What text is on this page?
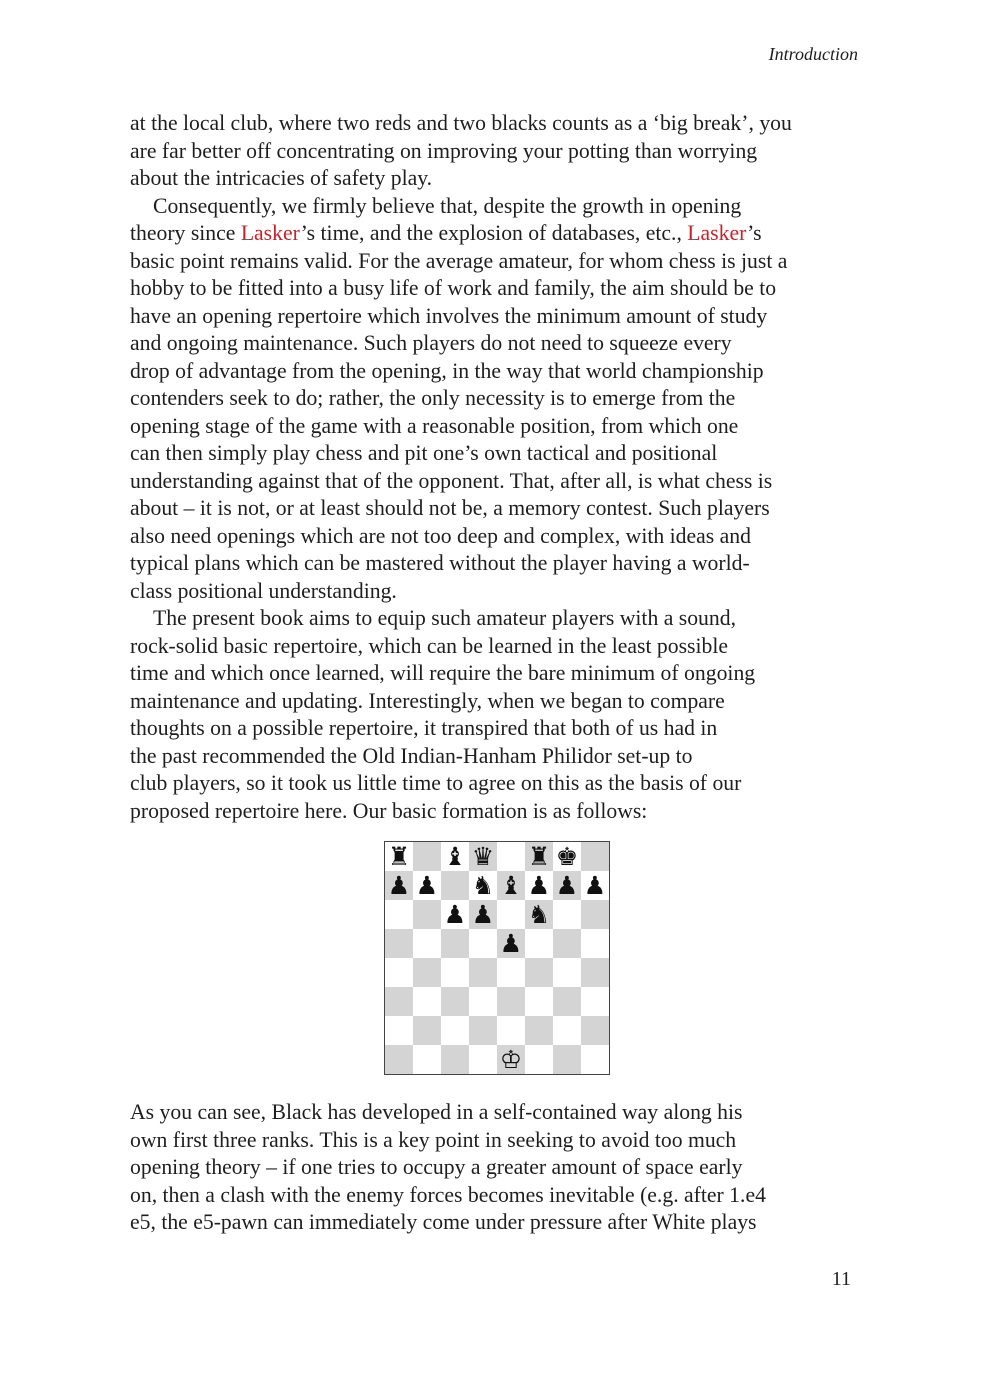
Introduction
at the local club, where two reds and two blacks counts as a ‘big break’, you
are far better off concentrating on improving your potting than worrying
about the intricacies of safety play.
Consequently, we firmly believe that, despite the growth in opening
theory since Lasker’s time, and the explosion of databases, etc., Lasker’s
basic point remains valid. For the average amateur, for whom chess is just a
hobby to be fitted into a busy life of work and family, the aim should be to
have an opening repertoire which involves the minimum amount of study
and ongoing maintenance. Such players do not need to squeeze every
drop of advantage from the opening, in the way that world championship
contenders seek to do; rather, the only necessity is to emerge from the
opening stage of the game with a reasonable position, from which one
can then simply play chess and pit one’s own tactical and positional
understanding against that of the opponent. That, after all, is what chess is
about – it is not, or at least should not be, a memory contest. Such players
also need openings which are not too deep and complex, with ideas and
typical plans which can be mastered without the player having a world-
class positional understanding.
The present book aims to equip such amateur players with a sound,
rock-solid basic repertoire, which can be learned in the least possible
time and which once learned, will require the bare minimum of ongoing
maintenance and updating. Interestingly, when we began to compare
thoughts on a possible repertoire, it transpired that both of us had in
the past recommended the Old Indian-Hanham Philidor set-up to
club players, so it took us little time to agree on this as the basis of our
proposed repertoire here. Our basic formation is as follows:
♜ ♝ ♛ ♜ ♚
♟ ♟ ♞ ♝ ♟ ♟ ♟
♟ ♟ ♞
♟
♔
As you can see, Black has developed in a self-contained way along his
own first three ranks. This is a key point in seeking to avoid too much
opening theory – if one tries to occupy a greater amount of space early
on, then a clash with the enemy forces becomes inevitable (e.g. after 1.e4
e5, the e5-pawn can immediately come under pressure after White plays
11
